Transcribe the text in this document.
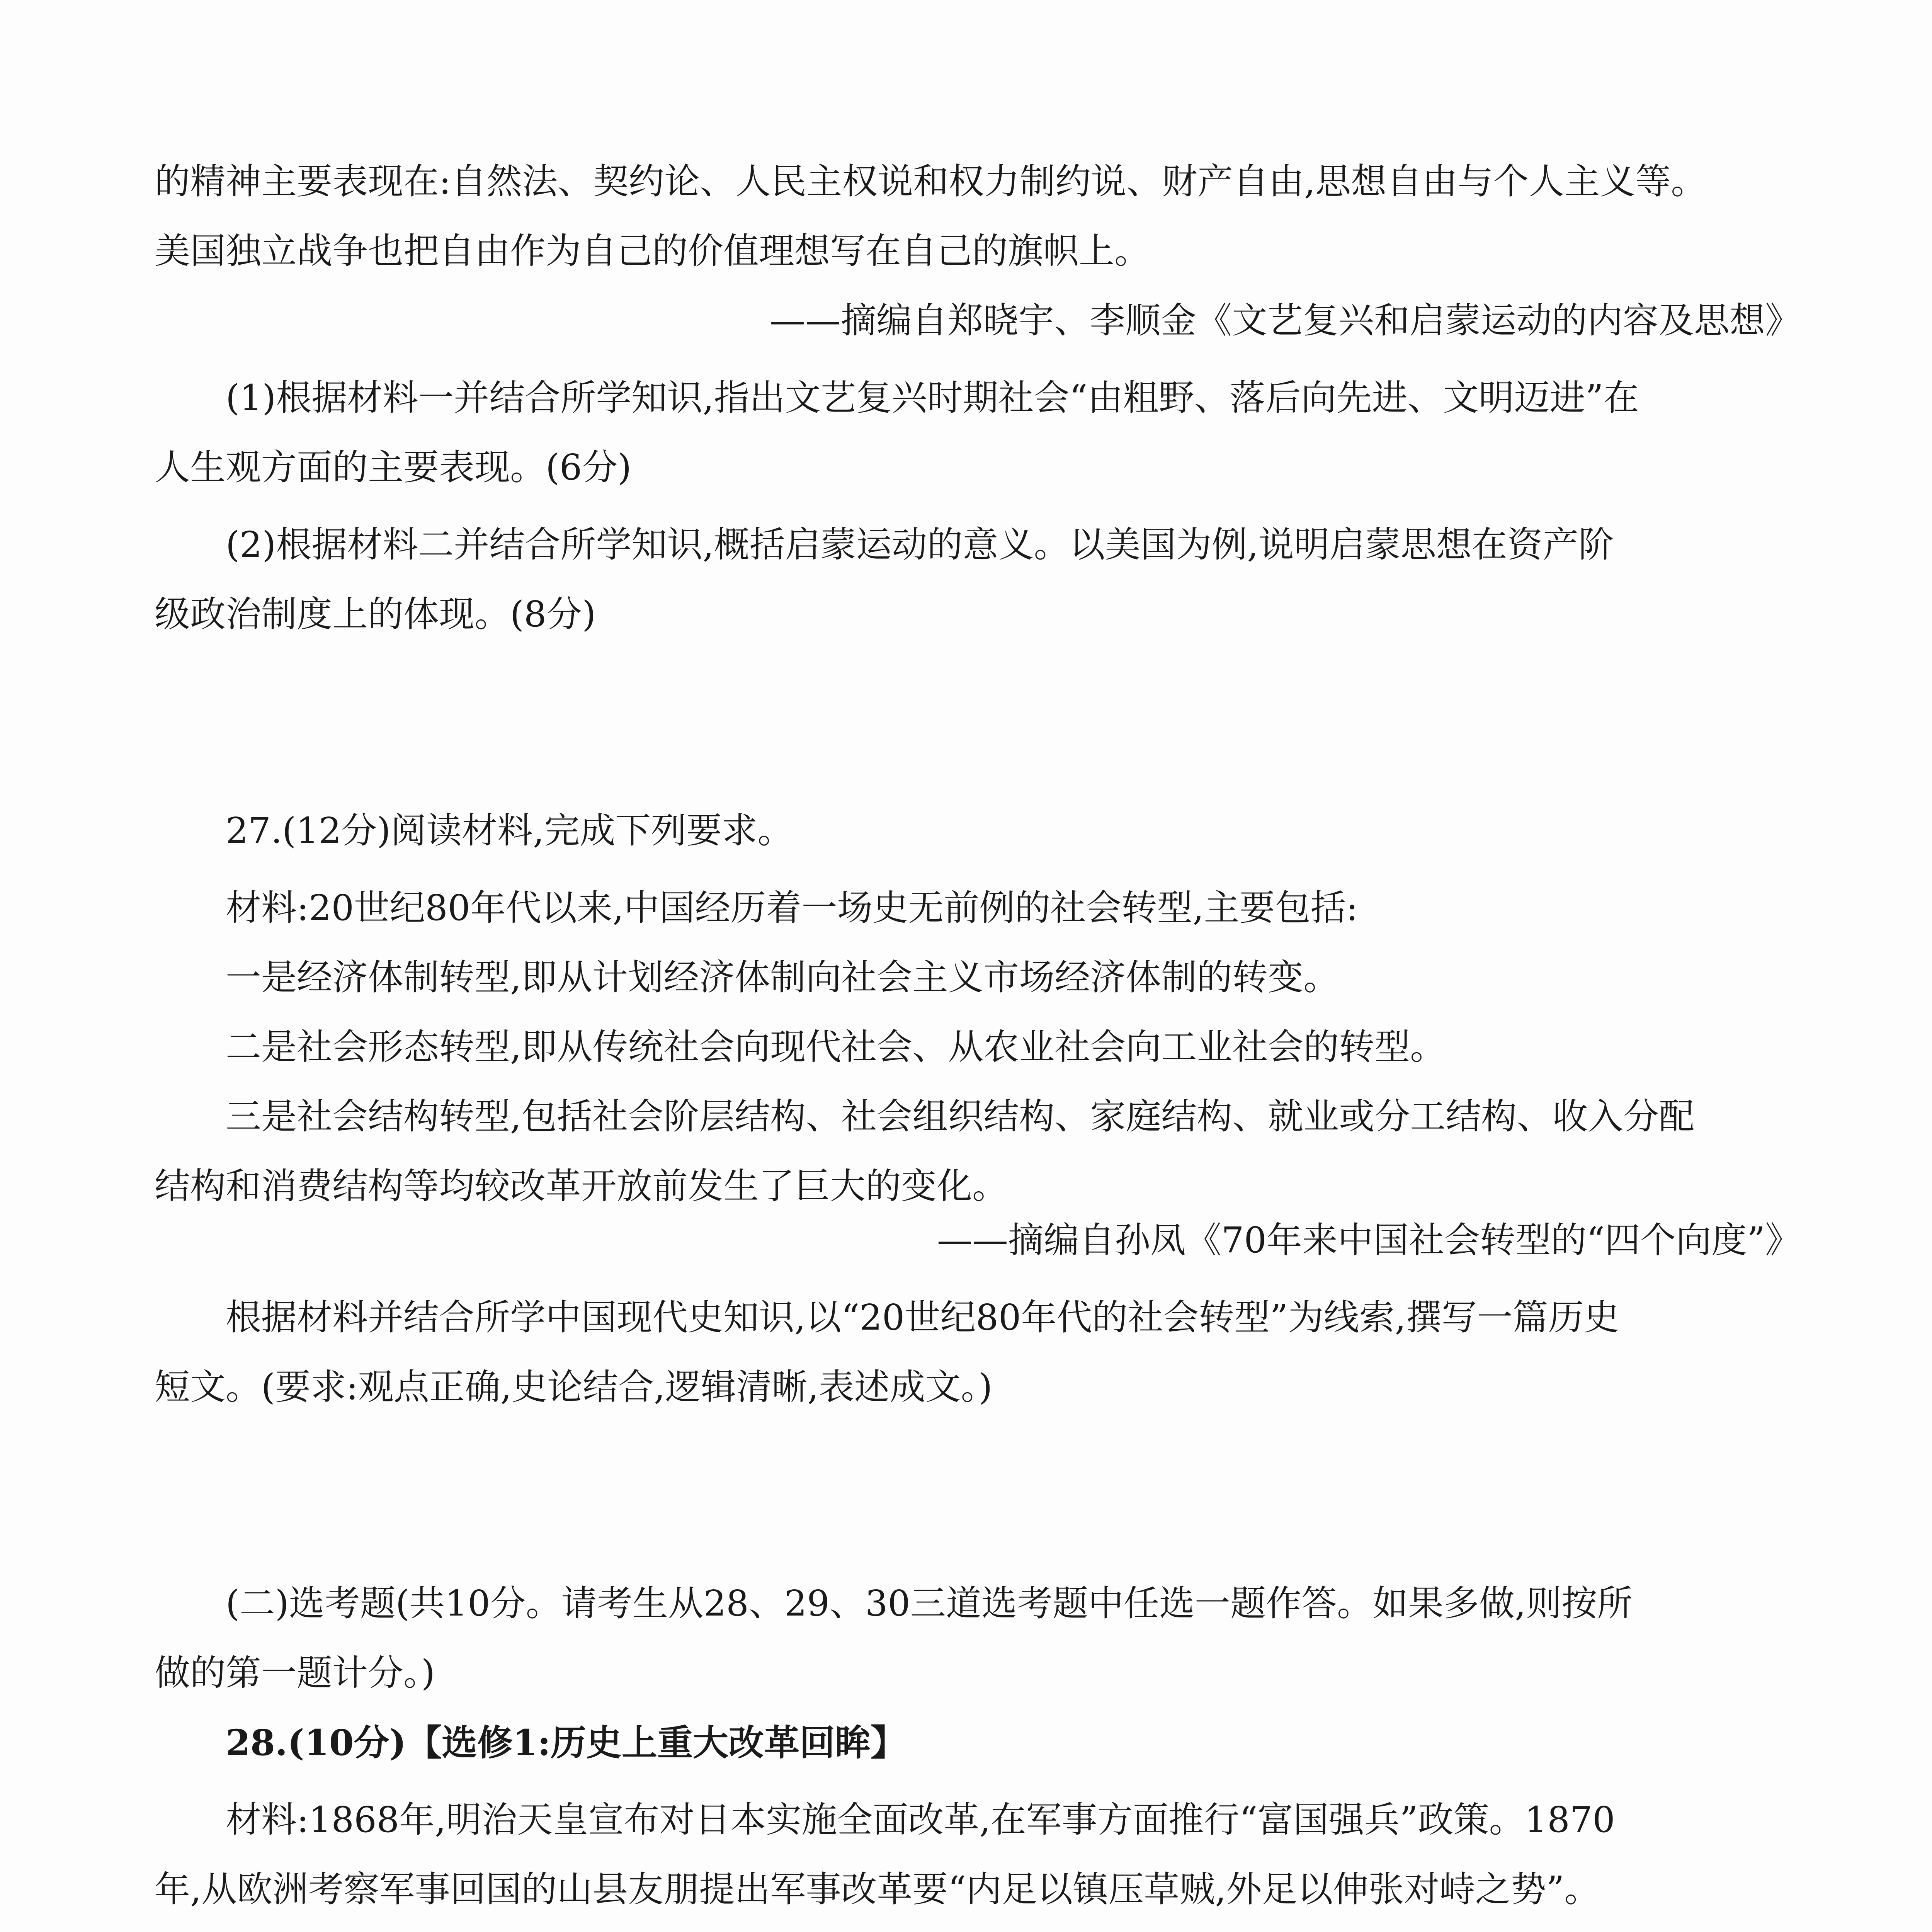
的精神主要表现在:自然法、契约论、人民主权说和权力制约说、财产自由,思想自由与个人主义等。
美国独立战争也把自由作为自己的价值理想写在自己的旗帜上。
——摘编自郑晓宇、李顺金《文艺复兴和启蒙运动的内容及思想》
(1)根据材料一并结合所学知识,指出文艺复兴时期社会“由粗野、落后向先进、文明迈进”在
人生观方面的主要表现。(6分)
(2)根据材料二并结合所学知识,概括启蒙运动的意义。以美国为例,说明启蒙思想在资产阶
级政治制度上的体现。(8分)
27.(12分)阅读材料,完成下列要求。
材料:20世纪80年代以来,中国经历着一场史无前例的社会转型,主要包括:
一是经济体制转型,即从计划经济体制向社会主义市场经济体制的转变。
二是社会形态转型,即从传统社会向现代社会、从农业社会向工业社会的转型。
三是社会结构转型,包括社会阶层结构、社会组织结构、家庭结构、就业或分工结构、收入分配
结构和消费结构等均较改革开放前发生了巨大的变化。
——摘编自孙凤《70年来中国社会转型的“四个向度”》
根据材料并结合所学中国现代史知识,以“20世纪80年代的社会转型”为线索,撰写一篇历史
短文。(要求:观点正确,史论结合,逻辑清晰,表述成文。)
(二)选考题(共10分。请考生从28、29、30三道选考题中任选一题作答。如果多做,则按所
做的第一题计分。)
28.(10分)【选修1:历史上重大改革回眸】
材料:1868年,明治天皇宣布对日本实施全面改革,在军事方面推行“富国强兵”政策。1870
年,从欧洲考察军事回国的山县友朋提出军事改革要“内足以镇压草贼,外足以伸张对峙之势”。
